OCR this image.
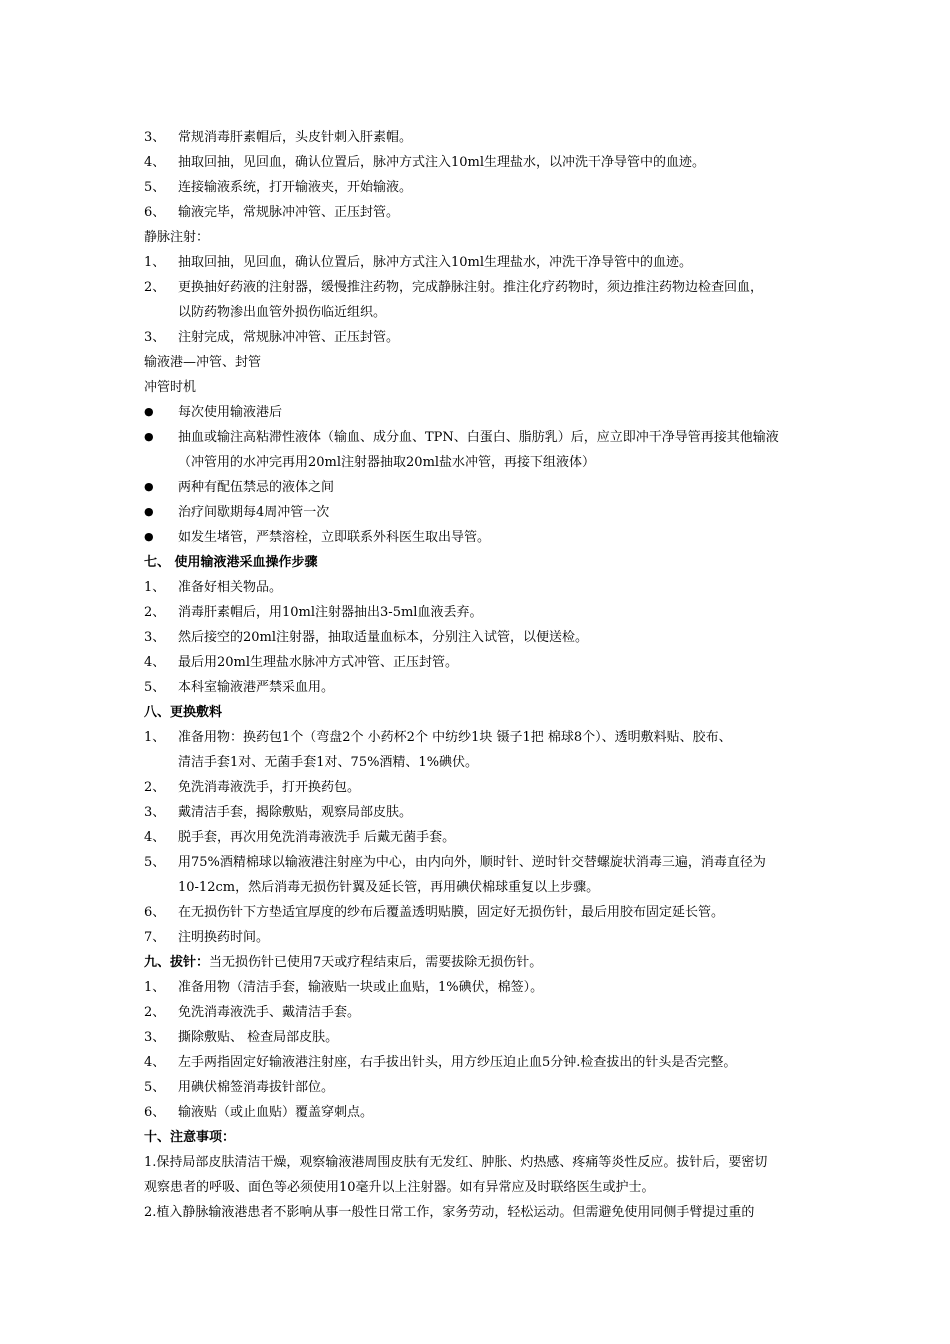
3、 常规消毒肝素帽后，头皮针刺入肝素帽。
4、 抽取回抽，见回血，确认位置后，脉冲方式注入10ml生理盐水，以冲洗干净导管中的血迹。
5、 连接输液系统，打开输液夹，开始输液。
6、 输液完毕，常规脉冲冲管、正压封管。
静脉注射：
1、 抽取回抽，见回血，确认位置后，脉冲方式注入10ml生理盐水，冲洗干净导管中的血迹。
2、 更换抽好药液的注射器，缓慢推注药物，完成静脉注射。推注化疗药物时，须边推注药物边检查回血，
以防药物渗出血管外损伤临近组织。
3、 注射完成，常规脉冲冲管、正压封管。
输液港—冲管、封管
冲管时机
● 每次使用输液港后
● 抽血或输注高粘滞性液体（输血、成分血、TPN、白蛋白、脂肪乳）后，应立即冲干净导管再接其他输液
（冲管用的水冲完再用20ml注射器抽取20ml盐水冲管，再接下组液体）
● 两种有配伍禁忌的液体之间
● 治疗间歇期每4周冲管一次
● 如发生堵管，严禁溶栓，立即联系外科医生取出导管。
七、 使用输液港采血操作步骤
1、 准备好相关物品。
2、 消毒肝素帽后，用10ml注射器抽出3-5ml血液丢弃。
3、 然后接空的20ml注射器，抽取适量血标本，分别注入试管，以便送检。
4、 最后用20ml生理盐水脉冲方式冲管、正压封管。
5、 本科室输液港严禁采血用。
八、更换敷料
1、 准备用物：换药包1个（弯盘2个 小药杯2个 中纺纱1块 镊子1把 棉球8个）、透明敷料贴、胶布、
清洁手套1对、无菌手套1对、75%酒精、1%碘伏。
2、 免洗消毒液洗手，打开换药包。
3、 戴清洁手套，揭除敷贴，观察局部皮肤。
4、 脱手套，再次用免洗消毒液洗手 后戴无菌手套。
5、 用75%酒精棉球以输液港注射座为中心，由内向外，顺时针、逆时针交替螺旋状消毒三遍，消毒直径为
10-12cm，然后消毒无损伤针翼及延长管，再用碘伏棉球重复以上步骤。
6、 在无损伤针下方垫适宜厚度的纱布后覆盖透明贴膜，固定好无损伤针，最后用胶布固定延长管。
7、 注明换药时间。
九、拔针：当无损伤针已使用7天或疗程结束后，需要拔除无损伤针。
1、 准备用物（清洁手套，输液贴一块或止血贴，1%碘伏，棉签）。
2、 免洗消毒液洗手、戴清洁手套。
3、 撕除敷贴、 检查局部皮肤。
4、 左手两指固定好输液港注射座，右手拔出针头，用方纱压迫止血5分钟.检查拔出的针头是否完整。
5、 用碘伏棉签消毒拔针部位。
6、 输液贴（或止血贴）覆盖穿刺点。
十、注意事项：
1.保持局部皮肤清洁干燥，观察输液港周围皮肤有无发红、肿胀、灼热感、疼痛等炎性反应。拔针后，要密切
观察患者的呼吸、面色等必须使用10毫升以上注射器。如有异常应及时联络医生或护士。
2.植入静脉输液港患者不影响从事一般性日常工作，家务劳动，轻松运动。但需避免使用同侧手臂提过重的
